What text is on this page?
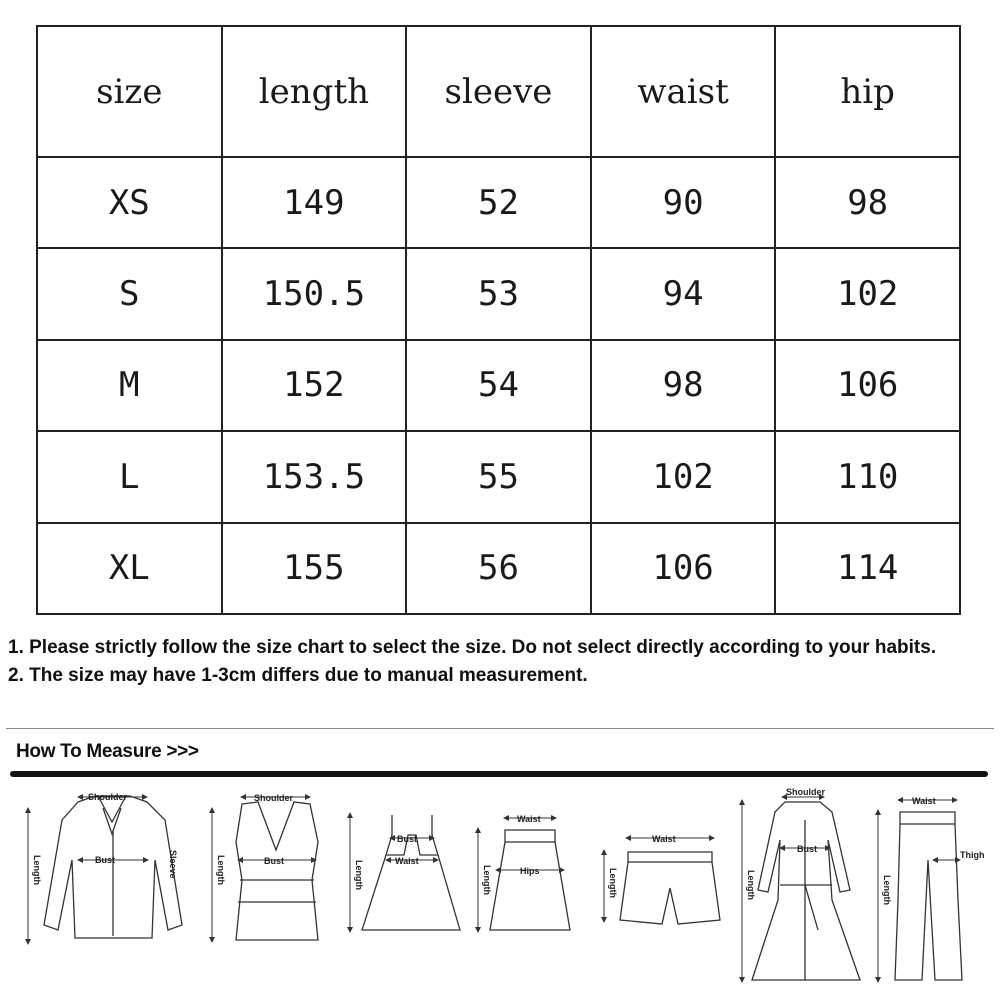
size	length	sleeve	waist	hip
XS	149	52	90	98
S	150.5	53	94	102
M	152	54	98	106
L	153.5	55	102	110
XL	155	56	106	114

1. Please strictly follow the size chart to select the size. Do not select directly according to your habits.

2. The size may have 1-3cm differs due to manual measurement.

How To Measure >>>
Shoulder
Bust
Length	Sleeve
Shoulder
Bust
Length
Bust
Waist
Length
Waist
Hips
Length
Waist
Length
Shoulder
Bust
Length
Waist
Thigh
Length
